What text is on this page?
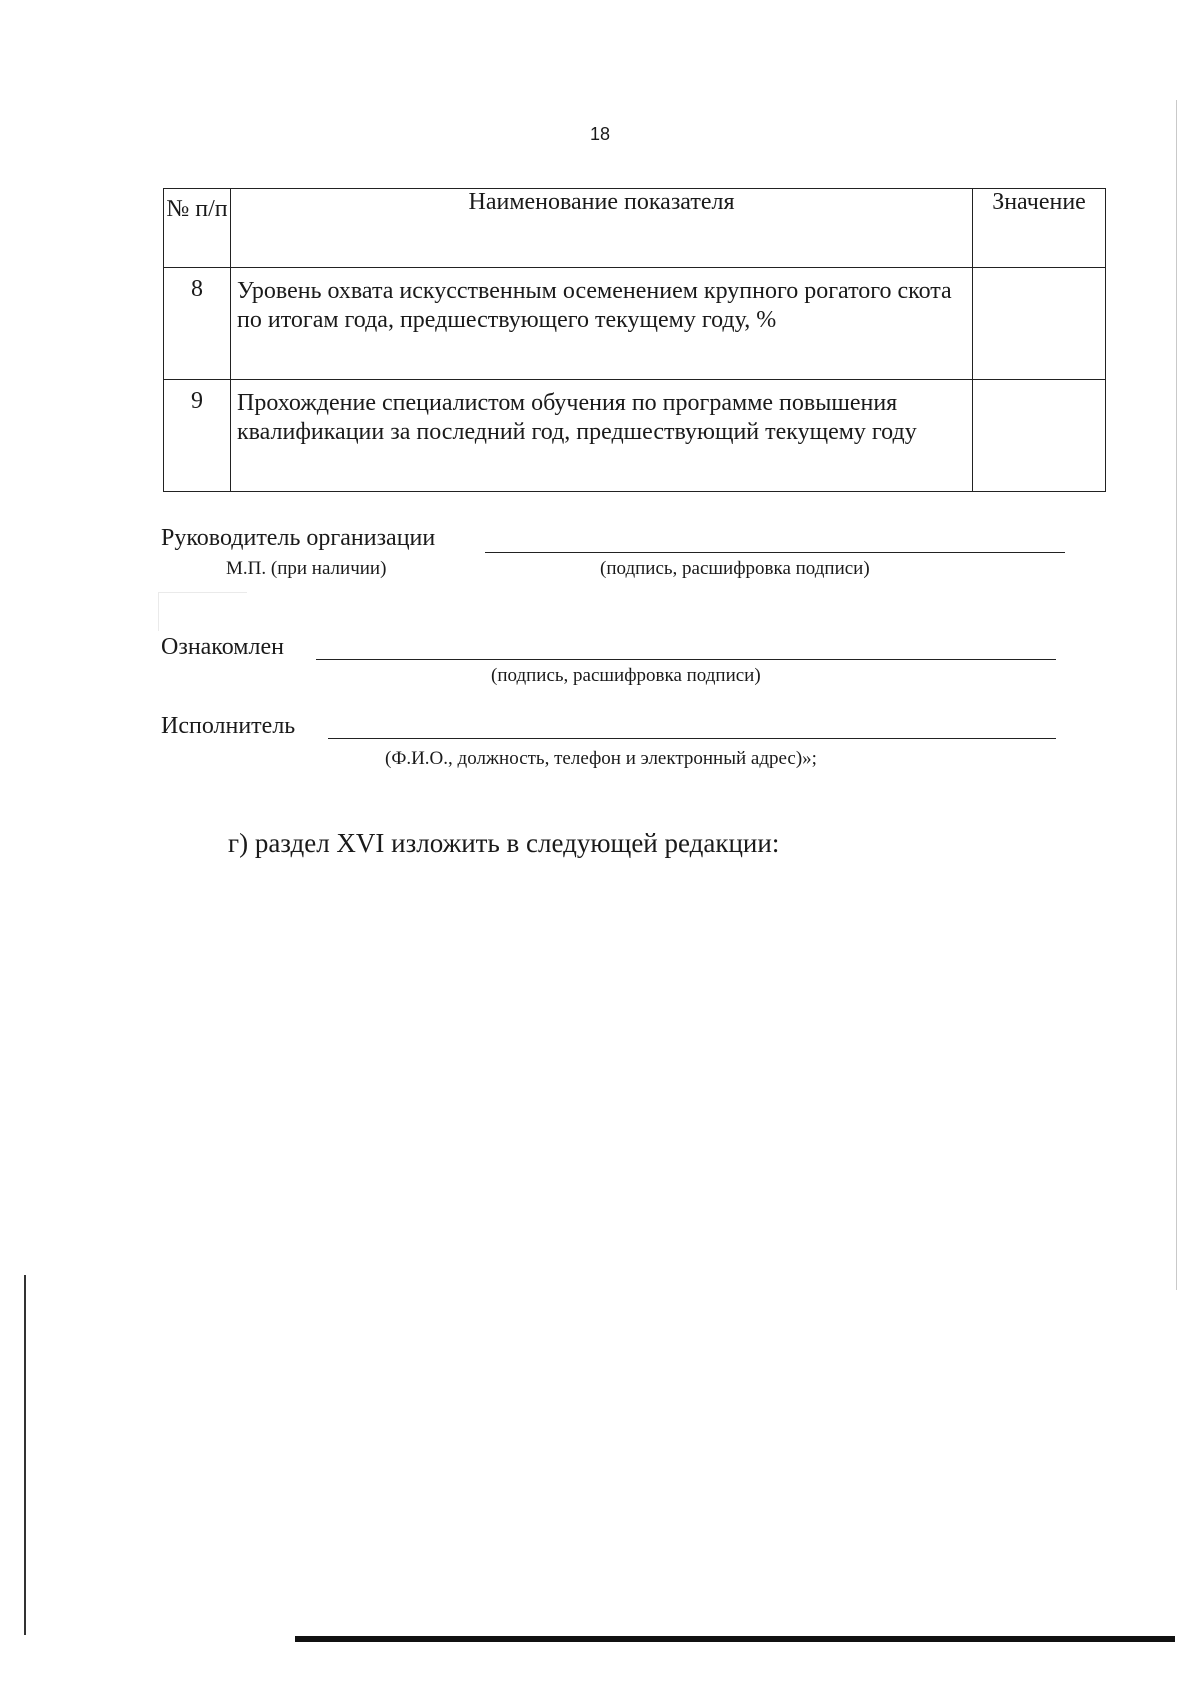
18
№ п/п	Наименование показателя	Значение
8	Уровень охвата искусственным осеменением крупного рогатого скота по итогам года, предшествующего текущему году, %	
9	Прохождение специалистом обучения по программе повышения квалификации за последний год, предшествующий текущему году	
Руководитель организации
М.П. (при наличии)	(подпись, расшифровка подписи)
Ознакомлен
(подпись, расшифровка подписи)
Исполнитель
(Ф.И.О., должность, телефон и электронный адрес)»;
г) раздел XVI изложить в следующей редакции:
